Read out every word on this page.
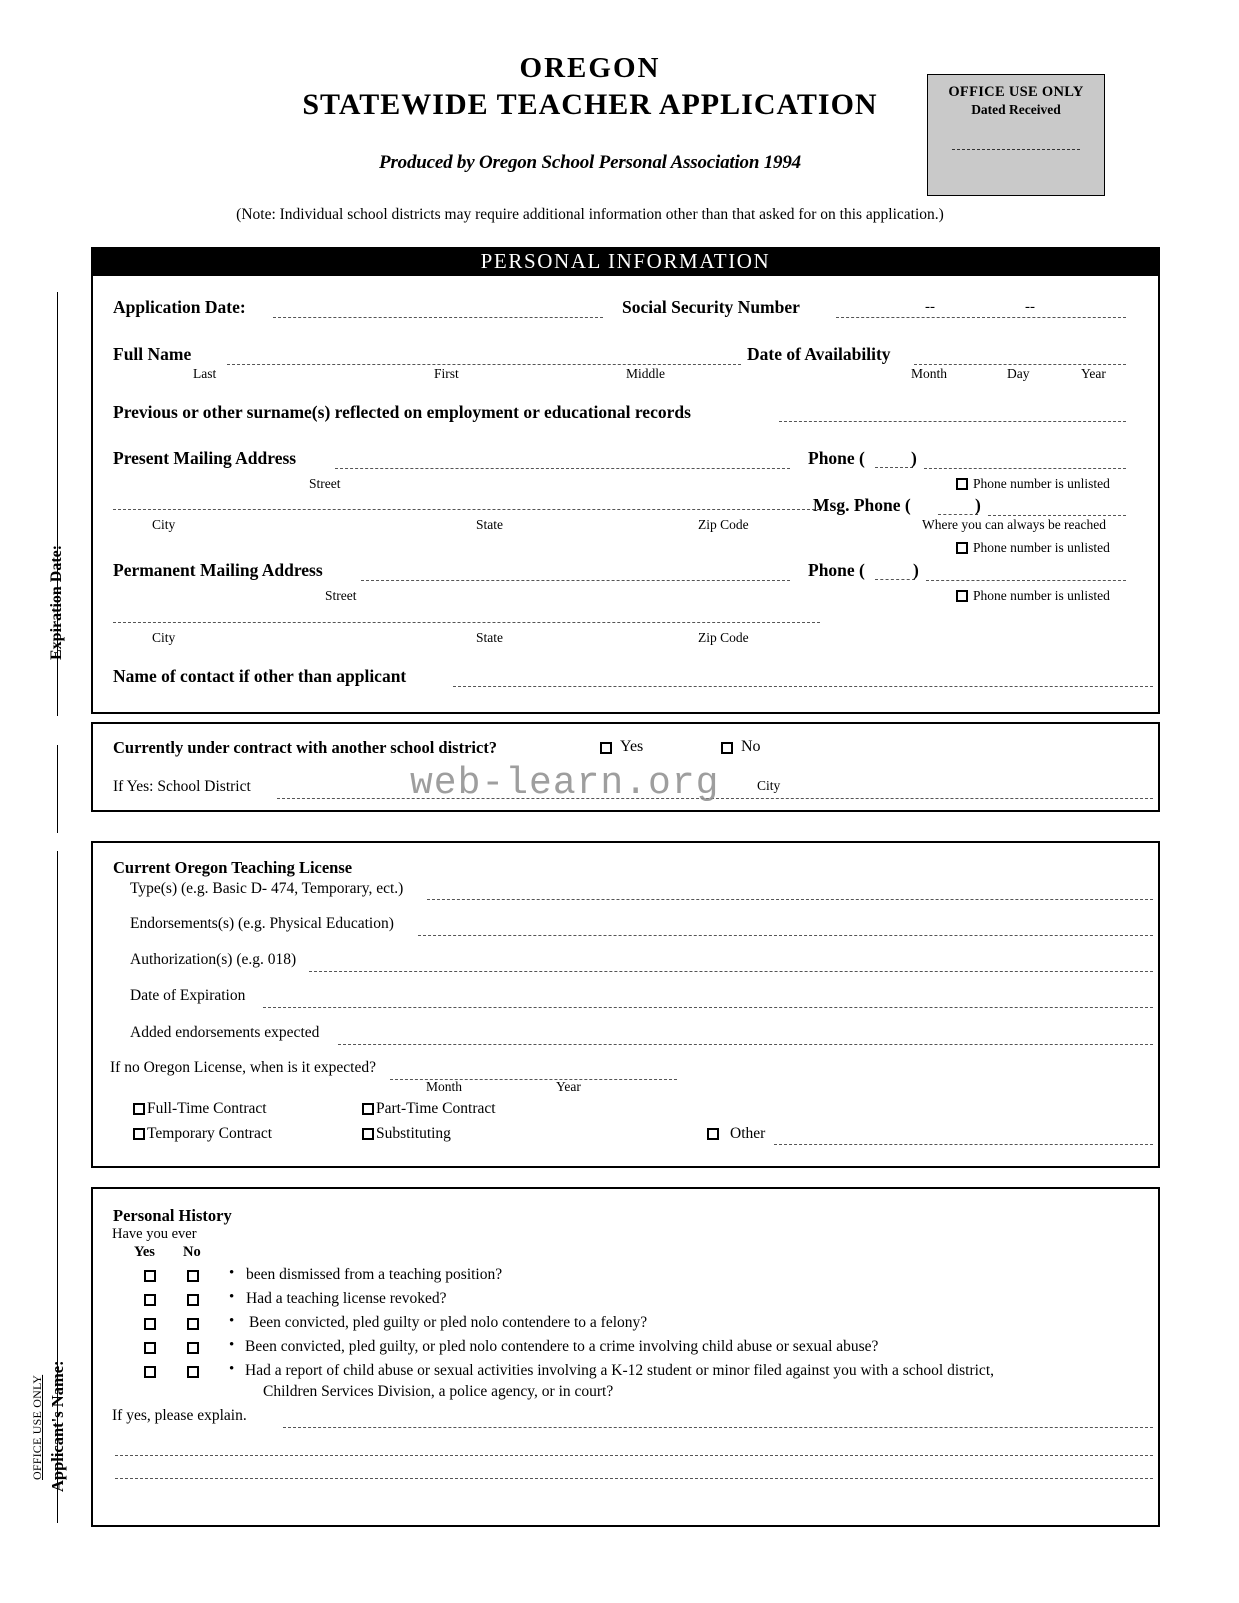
OREGON
STATEWIDE TEACHER APPLICATION
Produced by Oregon School Personal Association 1994
(Note: Individual school districts may require additional information other than that asked for on this application.)
OFFICE USE ONLY
Dated Received
Expiration Date:
OFFICE USE ONLY Applicant's Name:
PERSONAL INFORMATION
Application Date:	Social Security Number	--	--
Full Name
Last	First	Middle
Date of Availability
Month	Day	Year
Previous or other surname(s) reflected on employment or educational records
Present Mailing Address
Street
City	State	Zip Code
Phone (	)
Phone number is unlisted
Msg. Phone (	)
Where you can always be reached
Phone number is unlisted
Permanent Mailing Address
Street
City	State	Zip Code
Phone (	)
Phone number is unlisted
Name of contact if other than applicant
Currently under contract with another school district?	Yes	No
If Yes: School District	City
web-learn.org
Current Oregon Teaching License
Type(s) (e.g. Basic D- 474, Temporary, ect.)
Endorsements(s) (e.g. Physical Education)
Authorization(s) (e.g. 018)
Date of Expiration
Added endorsements expected
If no Oregon License, when is it expected?
Month	Year
Full-Time Contract	Part-Time Contract
Temporary Contract	Substituting	Other
Personal History
Have you ever
Yes No
• been dismissed from a teaching position?
• Had a teaching license revoked?
• Been convicted, pled guilty or pled nolo contendere to a felony?
• Been convicted, pled guilty, or pled nolo contendere to a crime involving child abuse or sexual abuse?
• Had a report of child abuse or sexual activities involving a K-12 student or minor filed against you with a school district,
Children Services Division, a police agency, or in court?
If yes, please explain.
